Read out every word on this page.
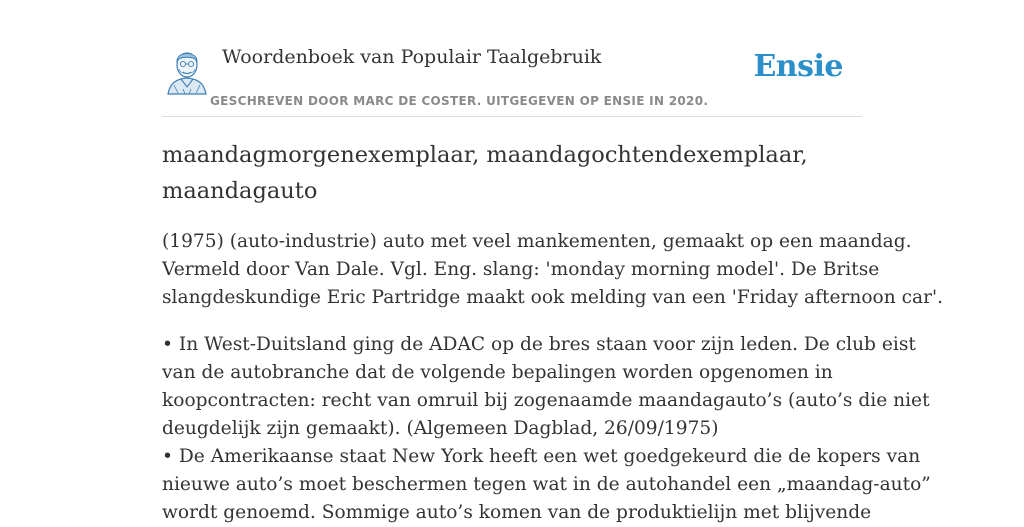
Woordenboek van Populair Taalgebruik	Ensie
GESCHREVEN DOOR MARC DE COSTER. UITGEGEVEN OP ENSIE IN 2020.
maandagmorgenexemplaar, maandagochtendexemplaar,
maandagauto

(1975) (auto-industrie) auto met veel mankementen, gemaakt op een maandag.
Vermeld door Van Dale. Vgl. Eng. slang: 'monday morning model'. De Britse
slangdeskundige Eric Partridge maakt ook melding van een 'Friday afternoon car'.

• In West-Duitsland ging de ADAC op de bres staan voor zijn leden. De club eist
van de autobranche dat de volgende bepalingen worden opgenomen in
koopcontracten: recht van omruil bij zogenaamde maandagauto’s (auto’s die niet
deugdelijk zijn gemaakt). (Algemeen Dagblad, 26/09/1975)
• De Amerikaanse staat New York heeft een wet goedgekeurd die de kopers van
nieuwe auto’s moet beschermen tegen wat in de autohandel een „maandag-auto”
wordt genoemd. Sommige auto’s komen van de produktielijn met blijvende
